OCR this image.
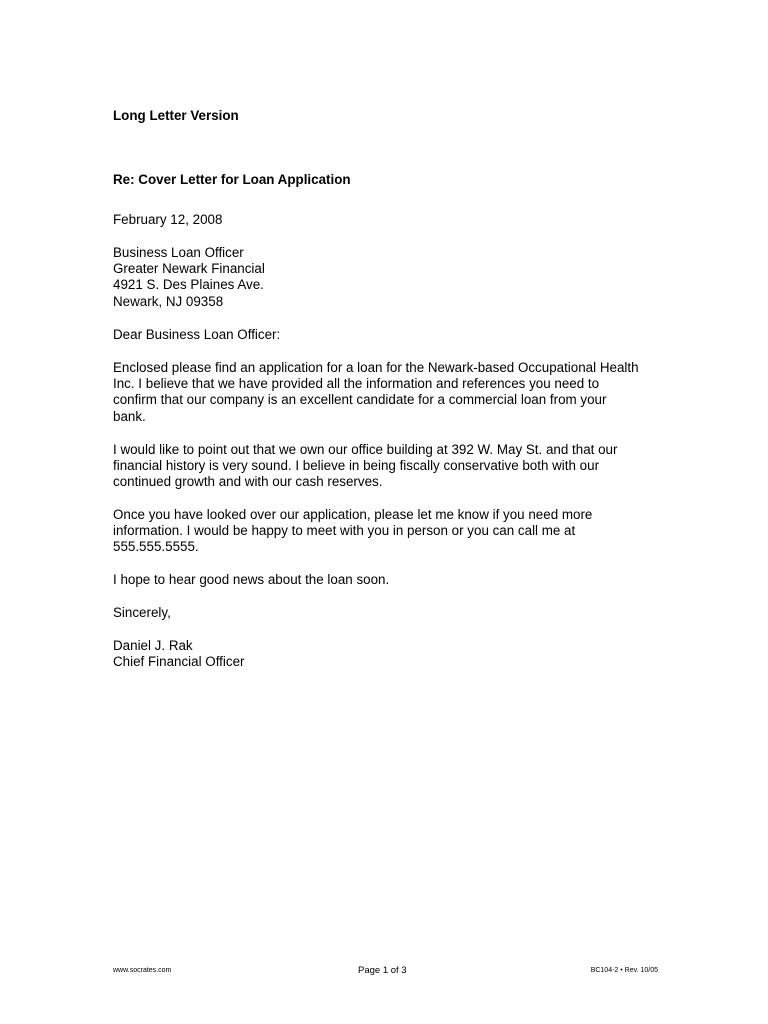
Long Letter Version
Re: Cover Letter for Loan Application
February 12, 2008
Business Loan Officer
Greater Newark Financial
4921 S. Des Plaines Ave.
Newark, NJ 09358
Dear Business Loan Officer:
Enclosed please find an application for a loan for the Newark-based Occupational Health
Inc. I believe that we have provided all the information and references you need to
confirm that our company is an excellent candidate for a commercial loan from your
bank.
I would like to point out that we own our office building at 392 W. May St. and that our
financial history is very sound. I believe in being fiscally conservative both with our
continued growth and with our cash reserves.
Once you have looked over our application, please let me know if you need more
information. I would be happy to meet with you in person or you can call me at
555.555.5555.
I hope to hear good news about the loan soon.
Sincerely,
Daniel J. Rak
Chief Financial Officer
www.socrates.com	Page 1 of 3	BC104-2 • Rev. 10/05
